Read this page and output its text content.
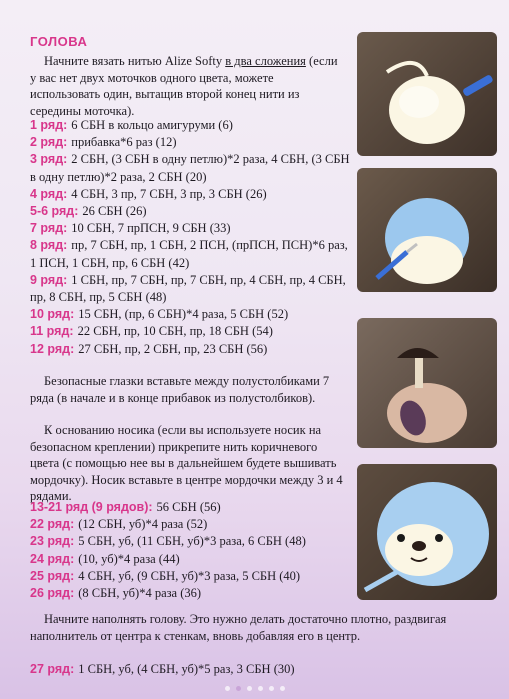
ГОЛОВА
Начните вязать нитью Alize Softy в два сложения (если у вас нет двух моточков одного цвета, можете использовать один, вытащив второй конец нити из середины моточка).

1 ряд: 6 СБН в кольцо амигуруми (6)

2 ряд: прибавка*6 раз (12)

3 ряд: 2 СБН, (3 СБН в одну петлю)*2 раза, 4 СБН, (3 СБН в одну петлю)*2 раза, 2 СБН (20)

4 ряд: 4 СБН, 3 пр, 7 СБН, 3 пр, 3 СБН (26)

5-6 ряд: 26 СБН (26)

7 ряд: 10 СБН, 7 прПСН, 9 СБН (33)

8 ряд: пр, 7 СБН, пр, 1 СБН, 2 ПСН, (прПСН, ПСН)*6 раз, 1 ПСН, 1 СБН, пр, 6 СБН (42)

9 ряд: 1 СБН, пр, 7 СБН, пр, 7 СБН, пр, 4 СБН, пр, 4 СБН, пр, 8 СБН, пр, 5 СБН (48)

10 ряд: 15 СБН, (пр, 6 СБН)*4 раза, 5 СБН (52)

11 ряд: 22 СБН, пр, 10 СБН, пр, 18 СБН (54)

12 ряд: 27 СБН, пр, 2 СБН, пр, 23 СБН (56)

Безопасные глазки вставьте между полустолбиками 7 ряда (в начале и в конце прибавок из полустолбиков).
К основанию носика (если вы используете носик на безопасном креплении) прикрепите нить коричневого цвета (с помощью нее вы в дальнейшем будете вышивать мордочку). Носик вставьте в центре мордочки между 3 и 4 рядами.

13-21 ряд (9 рядов): 56 СБН (56)

22 ряд: (12 СБН, уб)*4 раза (52)

23 ряд: 5 СБН, уб, (11 СБН, уб)*3 раза, 6 СБН (48)

24 ряд: (10, уб)*4 раза (44)

25 ряд: 4 СБН, уб, (9 СБН, уб)*3 раза, 5 СБН (40)

26 ряд: (8 СБН, уб)*4 раза (36)

Начните наполнять голову. Это нужно делать достаточно плотно, раздвигая наполнитель от центра к стенкам, вновь добавляя его в центр.

27 ряд: 1 СБН, уб, (4 СБН, уб)*5 раз, 3 СБН (30)
